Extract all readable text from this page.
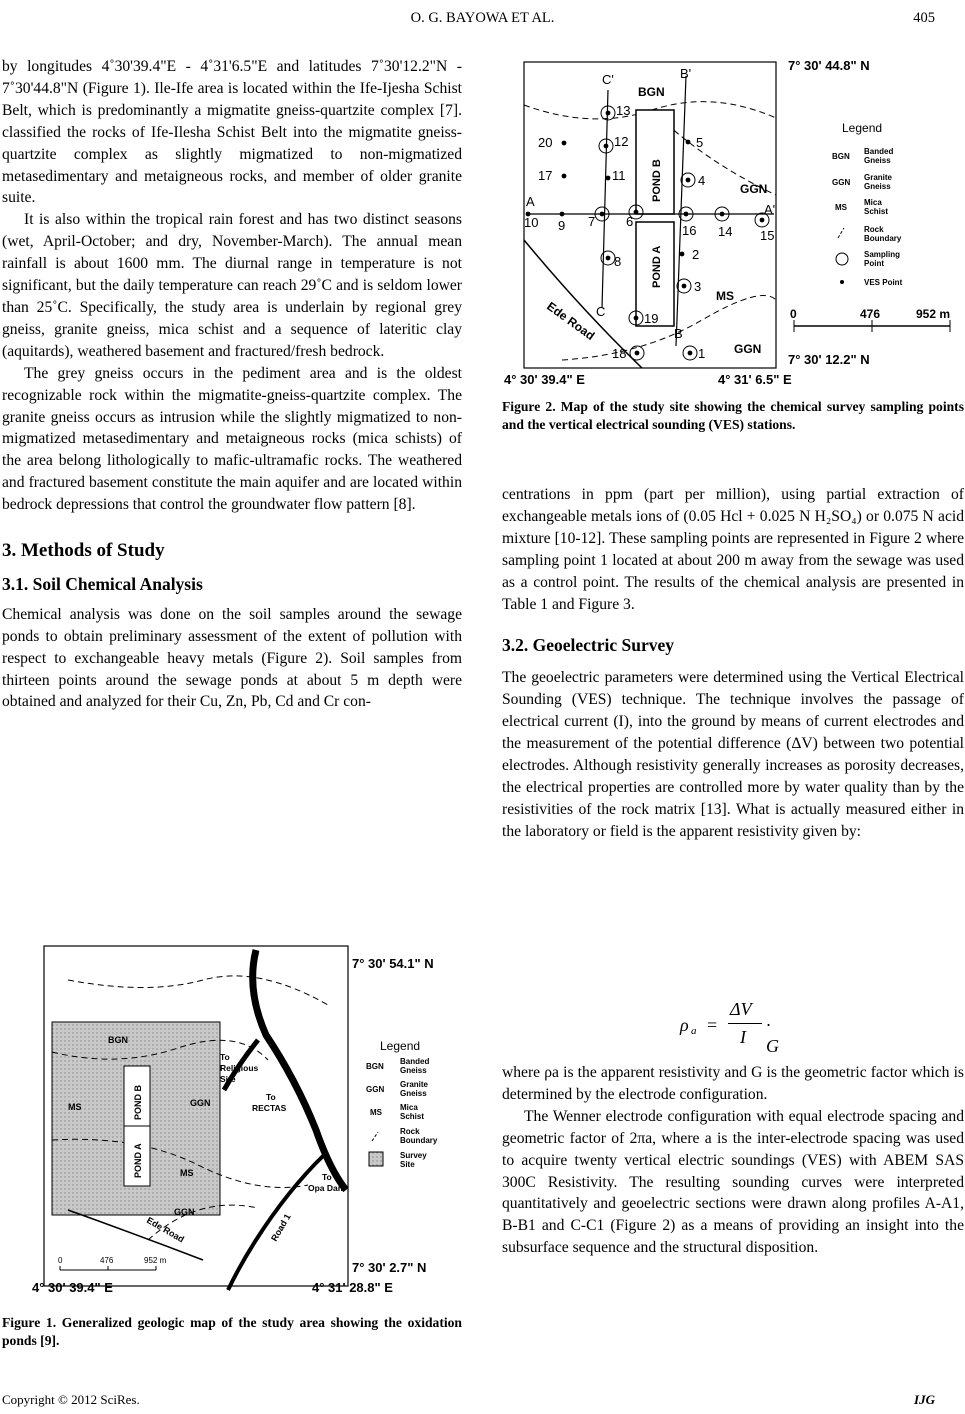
O. G. BAYOWA ET AL.	405

by longitudes 4˚30'39.4"E - 4˚31'6.5"E and latitudes 7˚30'12.2"N - 7˚30'44.8"N (Figure 1). Ile-Ife area is located within the Ife-Ijesha Schist Belt, which is predominantly a migmatite gneiss-quartzite complex [7]. classified the rocks of Ife-Ilesha Schist Belt into the migmatite gneiss-quartzite complex as slightly migmatized to non-migmatized metasedimentary and metaigneous rocks, and member of older granite suite.

It is also within the tropical rain forest and has two distinct seasons (wet, April-October; and dry, November-March). The annual mean rainfall is about 1600 mm. The diurnal range in temperature is not significant, but the daily temperature can reach 29˚C and is seldom lower than 25˚C. Specifically, the study area is underlain by regional grey gneiss, granite gneiss, mica schist and a sequence of lateritic clay (aquitards), weathered basement and fractured/fresh bedrock.

The grey gneiss occurs in the pediment area and is the oldest recognizable rock within the migmatite-gneiss-quartzite complex. The granite gneiss occurs as intrusion while the slightly migmatized to non-migmatized metasedimentary and metaigneous rocks (mica schists) of the area belong lithologically to mafic-ultramafic rocks. The weathered and fractured basement constitute the main aquifer and are located within bedrock depressions that control the groundwater flow pattern [8].

3. Methods of Study

3.1. Soil Chemical Analysis

Chemical analysis was done on the soil samples around the sewage ponds to obtain preliminary assessment of the extent of pollution with respect to exchangeable heavy metals (Figure 2). Soil samples from thirteen points around the sewage ponds at about 5 m depth were obtained and analyzed for their Cu, Zn, Pb, Cd and Cr con-

POND B
POND A
BGN
MS
MS
GGN
GGN
To Religious Site
To RECTAS
To Opa Dam
Road 1
Ede Road
0	476	952 m
7° 30' 54.1" N
7° 30' 2.7" N
4° 30' 39.4" E	4° 31' 28.8" E
Legend
BGN
Banded
Gneiss
GGN
Granite
Gneiss
MS
Mica
Schist
Rock
Boundary
Survey
Site
Figure 1. Generalized geologic map of the study area showing the oxidation ponds [9].
POND B
POND A
BGN
GGN
GGN
MS
Ede Road
A
A'
B'
B
C'
C
1
2
3
4
5
6
7
8
9
10
11
12
13
14 15
16
17
18
19
20
7° 30' 44.8" N
7° 30' 12.2" N
4° 30' 39.4" E	4° 31' 6.5" E
0	476	952 m
Legend
BGN
Banded
Gneiss
GGN
Granite
Gneiss
MS
Mica
Schist
Rock
Boundary
Sampling
Point
VES Point
Figure 2. Map of the study site showing the chemical survey sampling points and the vertical electrical sounding (VES) stations.

centrations in ppm (part per million), using partial extraction of exchangeable metals ions of (0.05 Hcl + 0.025 N H₂SO₄) or 0.075 N acid mixture [10-12]. These sampling points are represented in Figure 2 where sampling point 1 located at about 200 m away from the sewage was used as a control point. The results of the chemical analysis are presented in Table 1 and Figure 3.

3.2. Geoelectric Survey

The geoelectric parameters were determined using the Vertical Electrical Sounding (VES) technique. The technique involves the passage of electrical current (I), into the ground by means of current electrodes and the measurement of the potential difference (ΔV) between two potential electrodes. Although resistivity generally increases as porosity decreases, the electrical properties are controlled more by water quality than by the resistivities of the rock matrix [13]. What is actually measured either in the laboratory or field is the apparent resistivity given by:

ρ a =
ΔV
I
· G

where ρa is the apparent resistivity and G is the geometric factor which is determined by the electrode configuration.

The Wenner electrode configuration with equal electrode spacing and geometric factor of 2πa, where a is the inter-electrode spacing was used to acquire twenty vertical electric soundings (VES) with ABEM SAS 300C Resistivity. The resulting sounding curves were interpreted quantitatively and geoelectric sections were drawn along profiles A-A1, B-B1 and C-C1 (Figure 2) as a means of providing an insight into the subsurface sequence and the structural disposition.

Copyright © 2012 SciRes.	IJG
